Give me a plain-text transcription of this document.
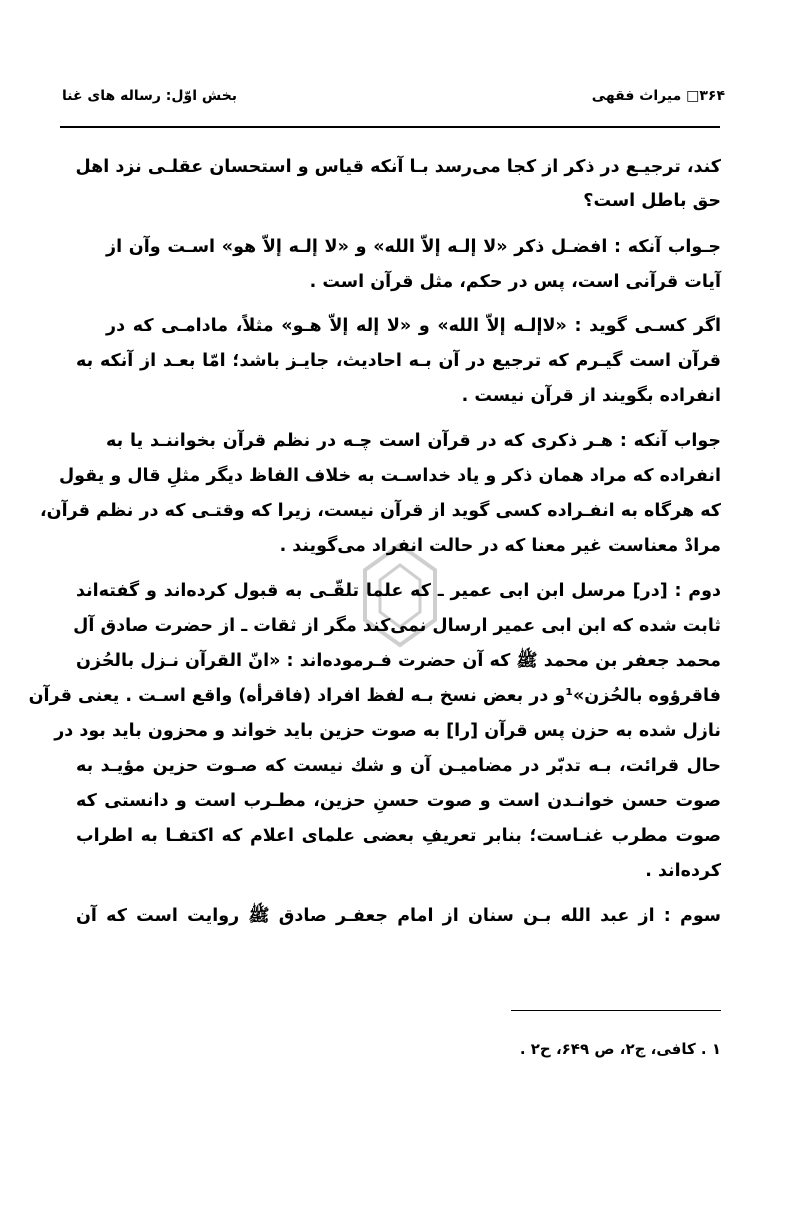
۳۶۴□ میراث فقهی
بخش اوّل: رساله های غنا
کند، ترجیـع در ذکر از کجا می‌رسد بـا آنکه قیاس و استحسان عقلـی نزد اهل
حق باطل است؟
جـواب آنکه : افضـل ذکر «لا إلـه إلاّ الله» و «لا إلـه إلاّ هو» اسـت وآن از
آیات قرآنی است، پس در حکم، مثل قرآن است .
اگر کسـی گوید : «لاإلـه إلاّ الله» و «لا إله إلاّ هـو» مثلاً، مادامـی که در
قرآن است گیـرم که ترجیع در آن بـه احادیث، جایـز باشد؛ امّا بعـد از آنکه به
انفراده بگویند از قرآن نیست .
جواب آنکه : هـر ذکری که در قرآن است چـه در نظم قرآن بخواننـد یا به
انفراده که مراد همان ذکر و یاد خداسـت به خلاف الفاظ دیگر مثلِ قال و یقول
که هرگاه به انفـراده کسی گوید از قرآن نیست، زیرا که وقتـی که در نظم قرآن،
مرادْ معناست غیر معنا که در حالت انفراد می‌گویند .
دوم : [در] مرسل ابن ابی عمیر ـ که علما تلقّـی به قبول کرده‌اند و گفته‌اند
ثابت شده که ابن ابی عمیر ارسال نمی‌کند مگر از ثقات ـ از حضرت صادق آل
محمد جعفر بن محمد ﷺ که آن حضرت فـرموده‌اند : «انّ القرآن نـزل بالحُزن
فاقرؤوه بالحُزن»¹و در بعض نسخ بـه لفظ افراد (فاقرأه) واقع اسـت . یعنی قرآن
نازل شده به حزن پس قرآن [را] به صوت حزین باید خواند و محزون باید بود در
حال قرائت، بـه تدبّر در مضامیـن آن و شك نیست که صـوت حزین مؤیـد به
صوت حسن خوانـدن است و صوت حسنِ حزین، مطـرب است و دانستی که
صوت مطرب غنـاست؛ بنابر تعریفِ بعضی علمای اعلام که اکتفـا به اطراب
کرده‌اند .
سوم : از عبد الله بـن سنان از امام جعفـر صادق ﷺ روایت است که آن
۱ . کافی، ج۲، ص ۶۴۹، ح۲ .
